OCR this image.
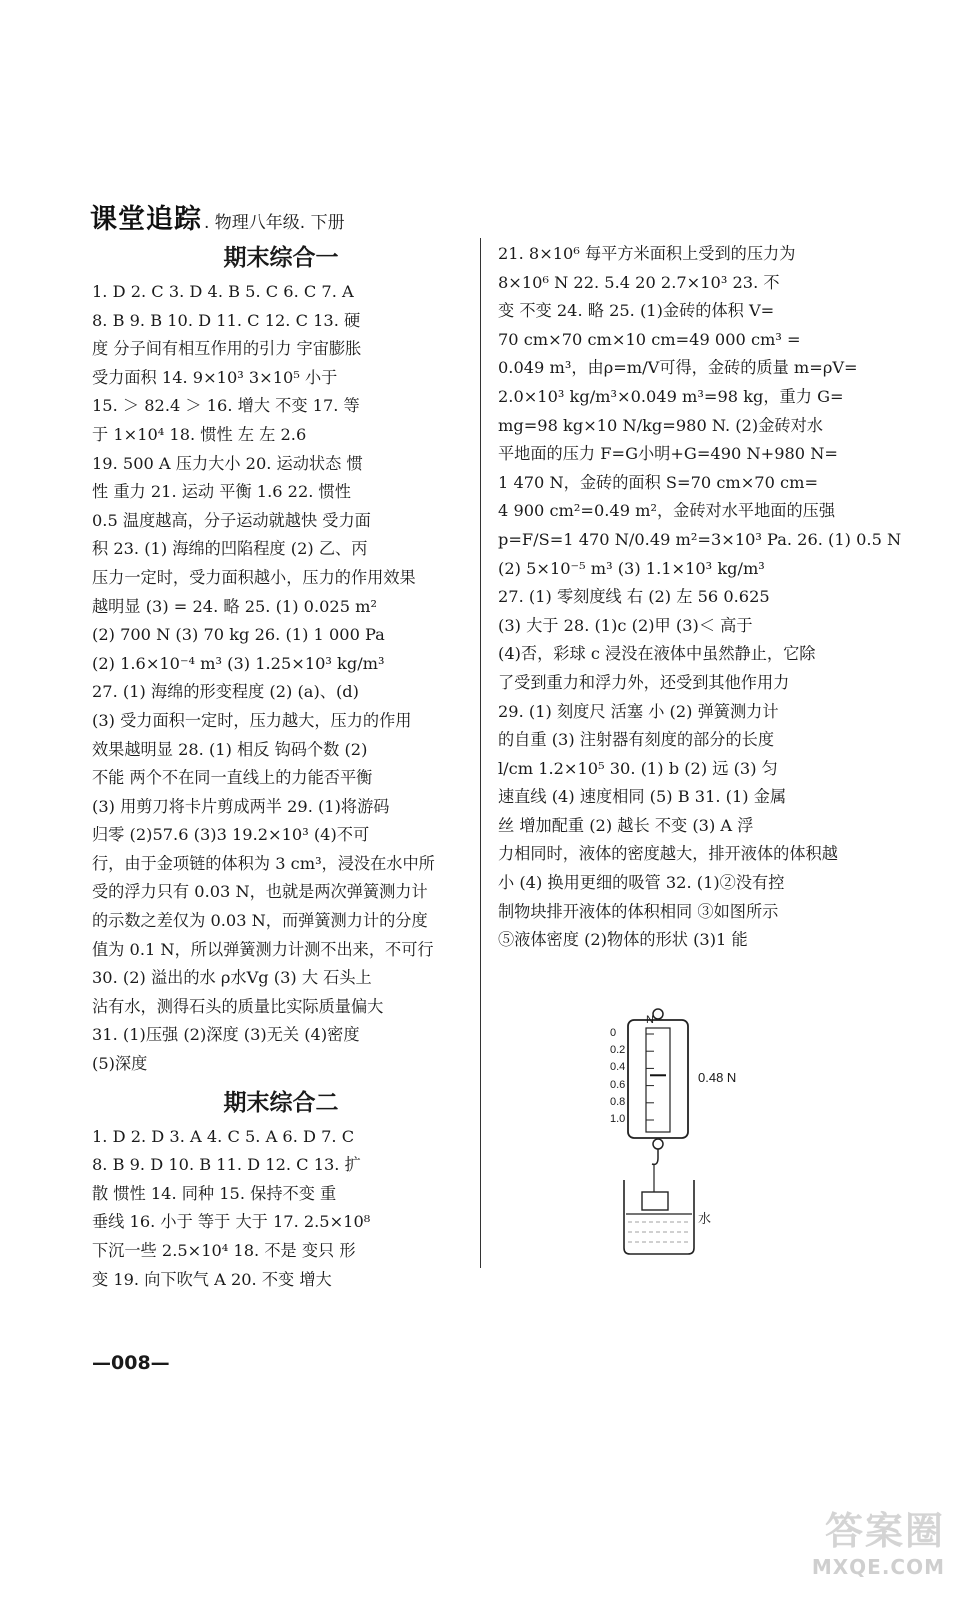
课堂追踪 . 物理八年级. 下册
期末综合一
1. D 2. C 3. D 4. B 5. C 6. C 7. A
8. B 9. B 10. D 11. C 12. C 13. 硬
度 分子间有相互作用的引力 宇宙膨胀
受力面积 14. 9×10³ 3×10⁵ 小于
15. ＞ 82.4 ＞ 16. 增大 不变 17. 等
于 1×10⁴ 18. 惯性 左 左 2.6
19. 500 A 压力大小 20. 运动状态 惯
性 重力 21. 运动 平衡 1.6 22. 惯性
0.5 温度越高，分子运动就越快 受力面
积 23. (1) 海绵的凹陷程度 (2) 乙、丙
压力一定时，受力面积越小，压力的作用效果
越明显 (3) = 24. 略 25. (1) 0.025 m²
(2) 700 N (3) 70 kg 26. (1) 1 000 Pa
(2) 1.6×10⁻⁴ m³ (3) 1.25×10³ kg/m³
27. (1) 海绵的形变程度 (2) (a)、(d)
(3) 受力面积一定时，压力越大，压力的作用
效果越明显 28. (1) 相反 钩码个数 (2)
不能 两个不在同一直线上的力能否平衡
(3) 用剪刀将卡片剪成两半 29. (1)将游码
归零 (2)57.6 (3)3 19.2×10³ (4)不可
行，由于金项链的体积为 3 cm³，浸没在水中所
受的浮力只有 0.03 N，也就是两次弹簧测力计
的示数之差仅为 0.03 N，而弹簧测力计的分度
值为 0.1 N，所以弹簧测力计测不出来，不可行
30. (2) 溢出的水 ρ水Vg (3) 大 石头上
沾有水，测得石头的质量比实际质量偏大
31. (1)压强 (2)深度 (3)无关 (4)密度
(5)深度
期末综合二
1. D 2. D 3. A 4. C 5. A 6. D 7. C
8. B 9. D 10. B 11. D 12. C 13. 扩
散 惯性 14. 同种 15. 保持不变 重
垂线 16. 小于 等于 大于 17. 2.5×10⁸
下沉一些 2.5×10⁴ 18. 不是 变只 形
变 19. 向下吹气 A 20. 不变 增大
21. 8×10⁶ 每平方米面积上受到的压力为
8×10⁶ N 22. 5.4 20 2.7×10³ 23. 不
变 不变 24. 略 25. (1)金砖的体积 V=
70 cm×70 cm×10 cm=49 000 cm³ =
0.049 m³，由ρ=m/V可得，金砖的质量 m=ρV=
2.0×10³ kg/m³×0.049 m³=98 kg，重力 G=
mg=98 kg×10 N/kg=980 N. (2)金砖对水
平地面的压力 F=G小明+G=490 N+980 N=
1 470 N，金砖的面积 S=70 cm×70 cm=
4 900 cm²=0.49 m²，金砖对水平地面的压强
p=F/S=1 470 N/0.49 m²=3×10³ Pa. 26. (1) 0.5 N
(2) 5×10⁻⁵ m³ (3) 1.1×10³ kg/m³
27. (1) 零刻度线 右 (2) 左 56 0.625
(3) 大于 28. (1)c (2)甲 (3)＜ 高于
(4)否，彩球 c 浸没在液体中虽然静止，它除
了受到重力和浮力外，还受到其他作用力
29. (1) 刻度尺 活塞 小 (2) 弹簧测力计
的自重 (3) 注射器有刻度的部分的长度
l/cm 1.2×10⁵ 30. (1) b (2) 远 (3) 匀
速直线 (4) 速度相同 (5) B 31. (1) 金属
丝 增加配重 (2) 越长 不变 (3) A 浮
力相同时，液体的密度越大，排开液体的体积越
小 (4) 换用更细的吸管 32. (1)②没有控
制物块排开液体的体积相同 ③如图所示
⑤液体密度 (2)物体的形状 (3)1 能
N
0.48 N
水
0
0.2
0.4
0.6
0.8
1.0
—008—
答案圈
MXQE.COM
